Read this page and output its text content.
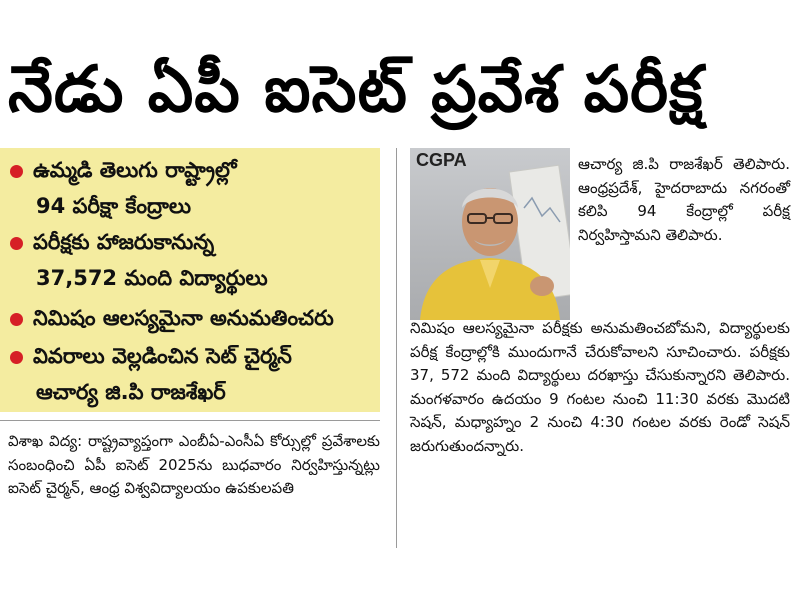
నేడు ఏపీ ఐసెట్ ప్రవేశ పరీక్ష
ఉమ్మడి తెలుగు రాష్ట్రాల్లో
94 పరీక్షా కేంద్రాలు
పరీక్షకు హాజరుకానున్న
37,572 మంది విద్యార్థులు
నిమిషం ఆలస్యమైనా అనుమతించరు
వివరాలు వెల్లడించిన సెట్ చైర్మన్
ఆచార్య జి.పి రాజశేఖర్
CGPA	ఆచార్య జి.పి రాజశేఖర్ తెలిపారు. ఆంధ్రప్రదేశ్, హైదరాబాదు నగరంతో కలిపి 94 కేంద్రాల్లో పరీక్ష నిర్వహిస్తామని తెలిపారు.

నిమిషం ఆలస్యమైనా పరీక్షకు అనుమతించబోమని, విద్యార్థులకు పరీక్ష కేంద్రాల్లోకి ముందుగానే చేరుకోవాలని సూచించారు. పరీక్షకు 37, 572 మంది విద్యార్థులు దరఖాస్తు చేసుకున్నారని తెలిపారు. మంగళవారం ఉదయం 9 గంటల నుంచి 11:30 వరకు మొదటి సెషన్, మధ్యాహ్నం 2 నుంచి 4:30 గంటల వరకు రెండో సెషన్ జరుగుతుందన్నారు.

విశాఖ విద్య: రాష్ట్రవ్యాప్తంగా ఎంబీఏ-ఎంసీఏ కోర్సుల్లో ప్రవేశాలకు సంబంధించి ఏపీ ఐసెట్ 2025ను బుధవారం నిర్వహిస్తున్నట్లు ఐసెట్ చైర్మన్, ఆంధ్ర విశ్వవిద్యాలయం ఉపకులపతి
